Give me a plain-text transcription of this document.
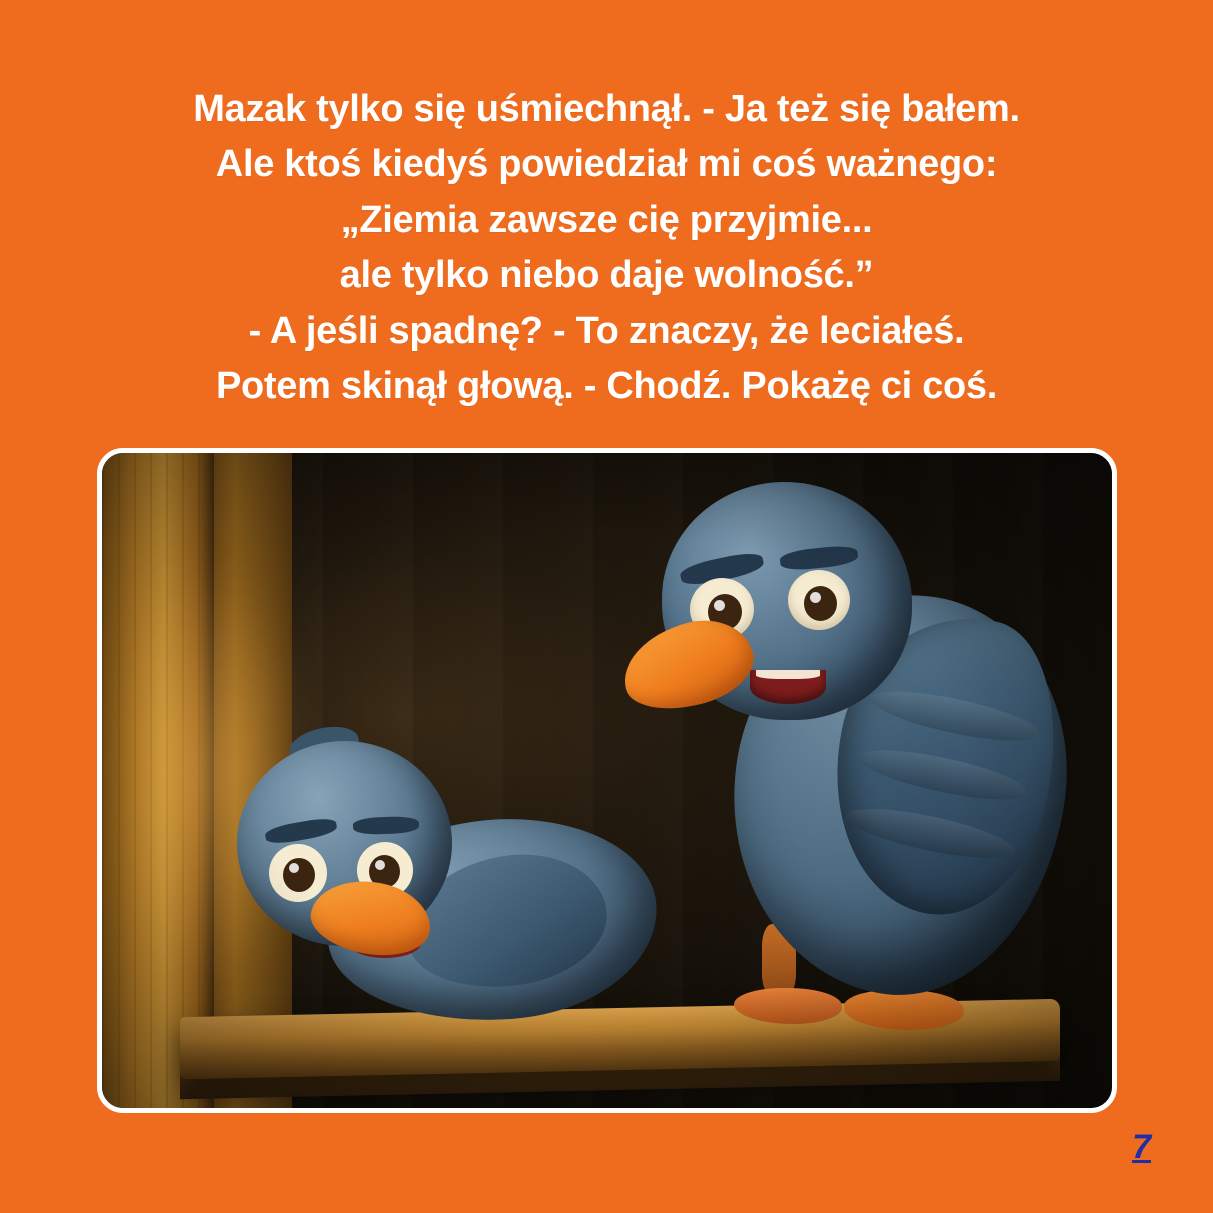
Mazak tylko się uśmiechnął. - Ja też się bałem.
Ale ktoś kiedyś powiedział mi coś ważnego:
„Ziemia zawsze cię przyjmie...
ale tylko niebo daje wolność.”
- A jeśli spadnę? - To znaczy, że leciałeś.
Potem skinął głową. - Chodź. Pokażę ci coś.
7
